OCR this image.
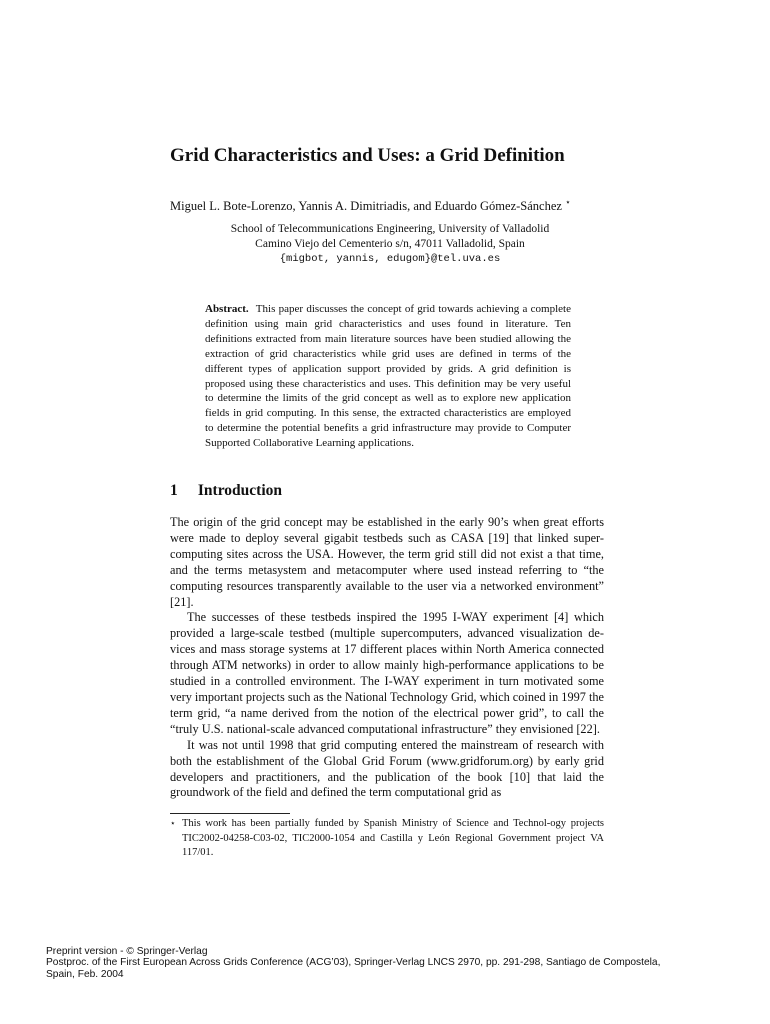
Grid Characteristics and Uses: a Grid Definition
Miguel L. Bote-Lorenzo, Yannis A. Dimitriadis, and Eduardo Gómez-Sánchez ⋆
School of Telecommunications Engineering, University of Valladolid
Camino Viejo del Cementerio s/n, 47011 Valladolid, Spain
{migbot, yannis, edugom}@tel.uva.es
Abstract. This paper discusses the concept of grid towards achieving a complete definition using main grid characteristics and uses found in literature. Ten definitions extracted from main literature sources have been studied allowing the extraction of grid characteristics while grid uses are defined in terms of the different types of application support provided by grids. A grid definition is proposed using these characteristics and uses. This definition may be very useful to determine the limits of the grid concept as well as to explore new application fields in grid computing. In this sense, the extracted characteristics are employed to determine the potential benefits a grid infrastructure may provide to Computer Supported Collaborative Learning applications.
1 Introduction

The origin of the grid concept may be established in the early 90’s when great efforts were made to deploy several gigabit testbeds such as CASA [19] that linked super-computing sites across the USA. However, the term grid still did not exist a that time, and the terms metasystem and metacomputer where used instead referring to “the computing resources transparently available to the user via a networked environment” [21].

The successes of these testbeds inspired the 1995 I-WAY experiment [4] which provided a large-scale testbed (multiple supercomputers, advanced visualization de-vices and mass storage systems at 17 different places within North America connected through ATM networks) in order to allow mainly high-performance applications to be studied in a controlled environment. The I-WAY experiment in turn motivated some very important projects such as the National Technology Grid, which coined in 1997 the term grid, “a name derived from the notion of the electrical power grid”, to call the “truly U.S. national-scale advanced computational infrastructure” they envisioned [22].

It was not until 1998 that grid computing entered the mainstream of research with both the establishment of the Global Grid Forum (www.gridforum.org) by early grid developers and practitioners, and the publication of the book [10] that laid the groundwork of the field and defined the term computational grid as

⋆ This work has been partially funded by Spanish Ministry of Science and Technol-ogy projects TIC2002-04258-C03-02, TIC2000-1054 and Castilla y León Regional Government project VA 117/01.
Preprint version - © Springer-Verlag
Postproc. of the First European Across Grids Conference (ACG’03), Springer-Verlag LNCS 2970, pp. 291-298, Santiago de Compostela,
Spain, Feb. 2004
